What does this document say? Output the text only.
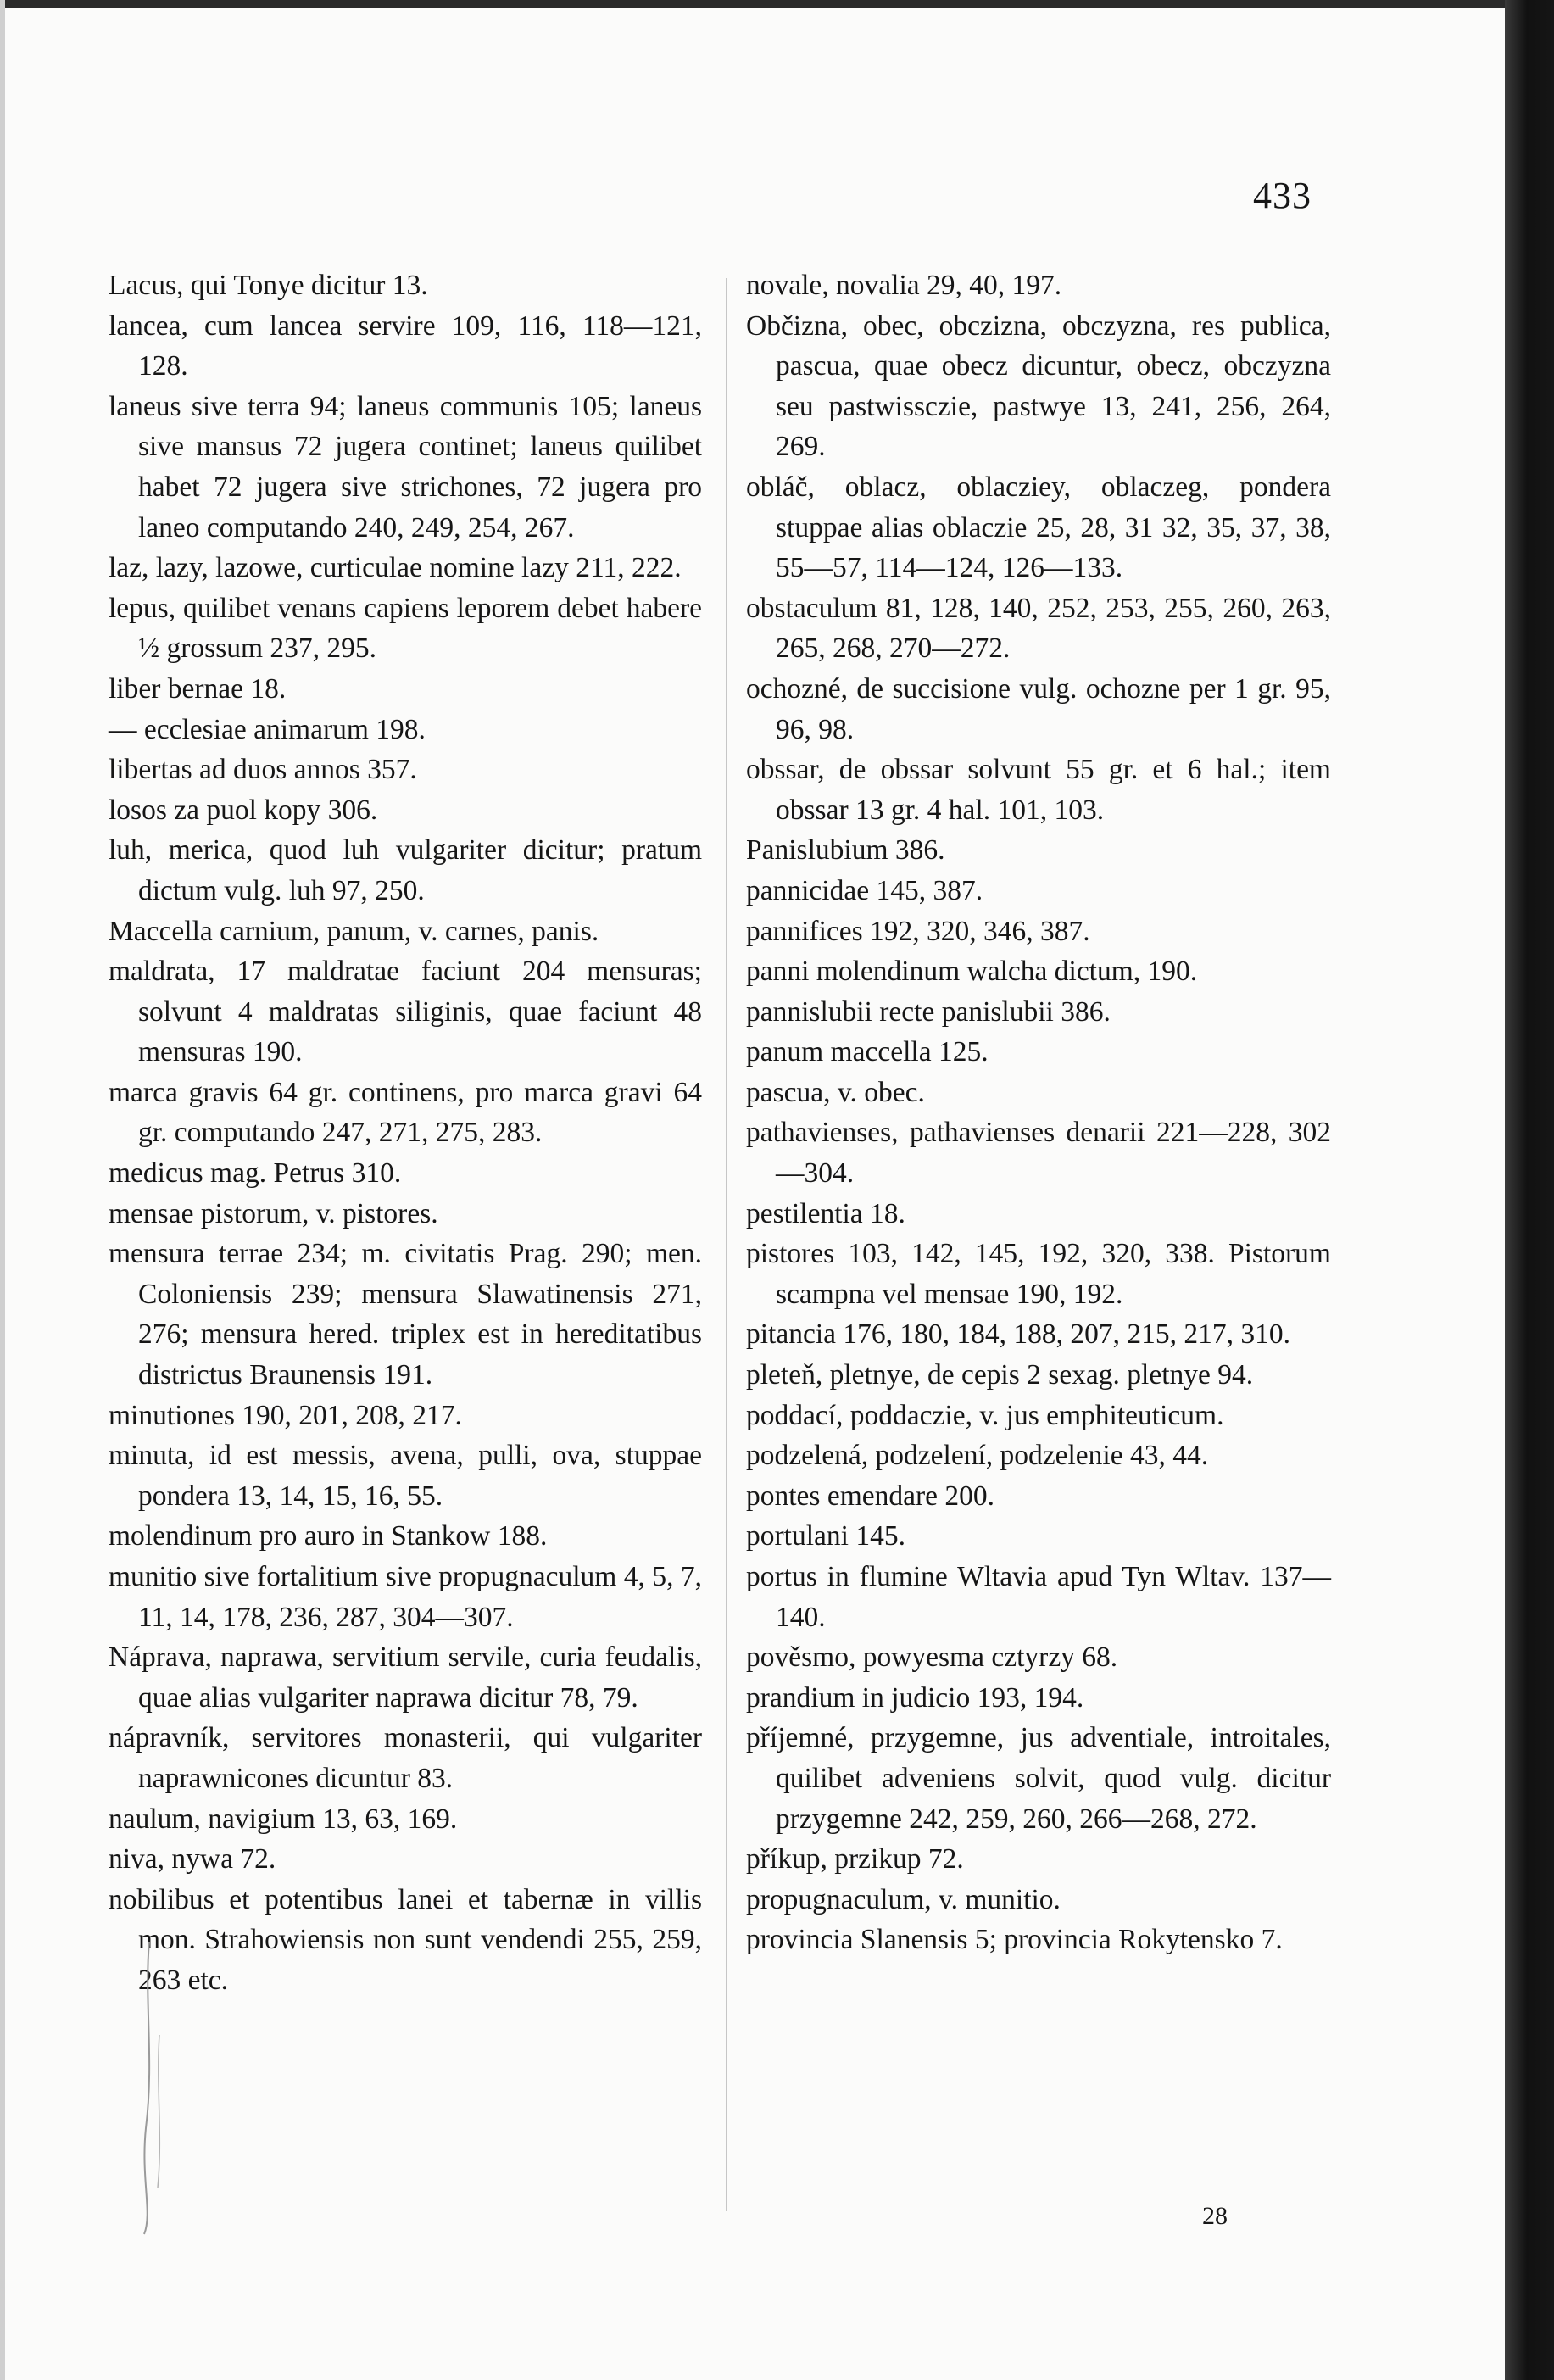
433

Lacus, qui Tonye dicitur 13.

lancea, cum lancea servire 109, 116, 118—121, 128.

laneus sive terra 94; laneus communis 105; laneus sive mansus 72 jugera continet; laneus quilibet habet 72 jugera sive strichones, 72 jugera pro laneo computando 240, 249, 254, 267.

laz, lazy, lazowe, curticulae nomine lazy 211, 222.

lepus, quilibet venans capiens leporem debet habere ½ grossum 237, 295.

liber bernae 18.

— ecclesiae animarum 198.

libertas ad duos annos 357.

losos za puol kopy 306.

luh, merica, quod luh vulgariter dicitur; pratum dictum vulg. luh 97, 250.

Maccella carnium, panum, v. carnes, panis.

maldrata, 17 maldratae faciunt 204 mensuras; solvunt 4 maldratas siliginis, quae faciunt 48 mensuras 190.

marca gravis 64 gr. continens, pro marca gravi 64 gr. computando 247, 271, 275, 283.

medicus mag. Petrus 310.

mensae pistorum, v. pistores.

mensura terrae 234; m. civitatis Prag. 290; men. Coloniensis 239; mensura Slawatinensis 271, 276; mensura hered. triplex est in hereditatibus districtus Braunensis 191.

minutiones 190, 201, 208, 217.

minuta, id est messis, avena, pulli, ova, stuppae pondera 13, 14, 15, 16, 55.

molendinum pro auro in Stankow 188.

munitio sive fortalitium sive propugnaculum 4, 5, 7, 11, 14, 178, 236, 287, 304—307.

Náprava, naprawa, servitium servile, curia feudalis, quae alias vulgariter naprawa dicitur 78, 79.

nápravník, servitores monasterii, qui vulgariter naprawnicones dicuntur 83.

naulum, navigium 13, 63, 169.

niva, nywa 72.

nobilibus et potentibus lanei et tabernæ in villis mon. Strahowiensis non sunt vendendi 255, 259, 263 etc.

novale, novalia 29, 40, 197.

Občizna, obec, obczizna, obczyzna, res publica, pascua, quae obecz dicuntur, obecz, obczyzna seu pastwissczie, pastwye 13, 241, 256, 264, 269.

obláč, oblacz, oblacziey, oblaczeg, pondera stuppae alias oblaczie 25, 28, 31 32, 35, 37, 38, 55—57, 114—124, 126—133.

obstaculum 81, 128, 140, 252, 253, 255, 260, 263, 265, 268, 270—272.

ochozné, de succisione vulg. ochozne per 1 gr. 95, 96, 98.

obssar, de obssar solvunt 55 gr. et 6 hal.; item obssar 13 gr. 4 hal. 101, 103.

Panislubium 386.

pannicidae 145, 387.

pannifices 192, 320, 346, 387.

panni molendinum walcha dictum, 190.

pannislubii recte panislubii 386.

panum maccella 125.

pascua, v. obec.

pathavienses, pathavienses denarii 221—228, 302—304.

pestilentia 18.

pistores 103, 142, 145, 192, 320, 338. Pistorum scampna vel mensae 190, 192.

pitancia 176, 180, 184, 188, 207, 215, 217, 310.

pleteň, pletnye, de cepis 2 sexag. pletnye 94.

poddací, poddaczie, v. jus emphiteuticum.

podzelená, podzelení, podzelenie 43, 44.

pontes emendare 200.

portulani 145.

portus in flumine Wltavia apud Tyn Wltav. 137—140.

pověsmo, powyesma cztyrzy 68.

prandium in judicio 193, 194.

příjemné, przygemne, jus adventiale, introitales, quilibet adveniens solvit, quod vulg. dicitur przygemne 242, 259, 260, 266—268, 272.

příkup, przikup 72.

propugnaculum, v. munitio.

provincia Slanensis 5; provincia Rokytensko 7.

28
